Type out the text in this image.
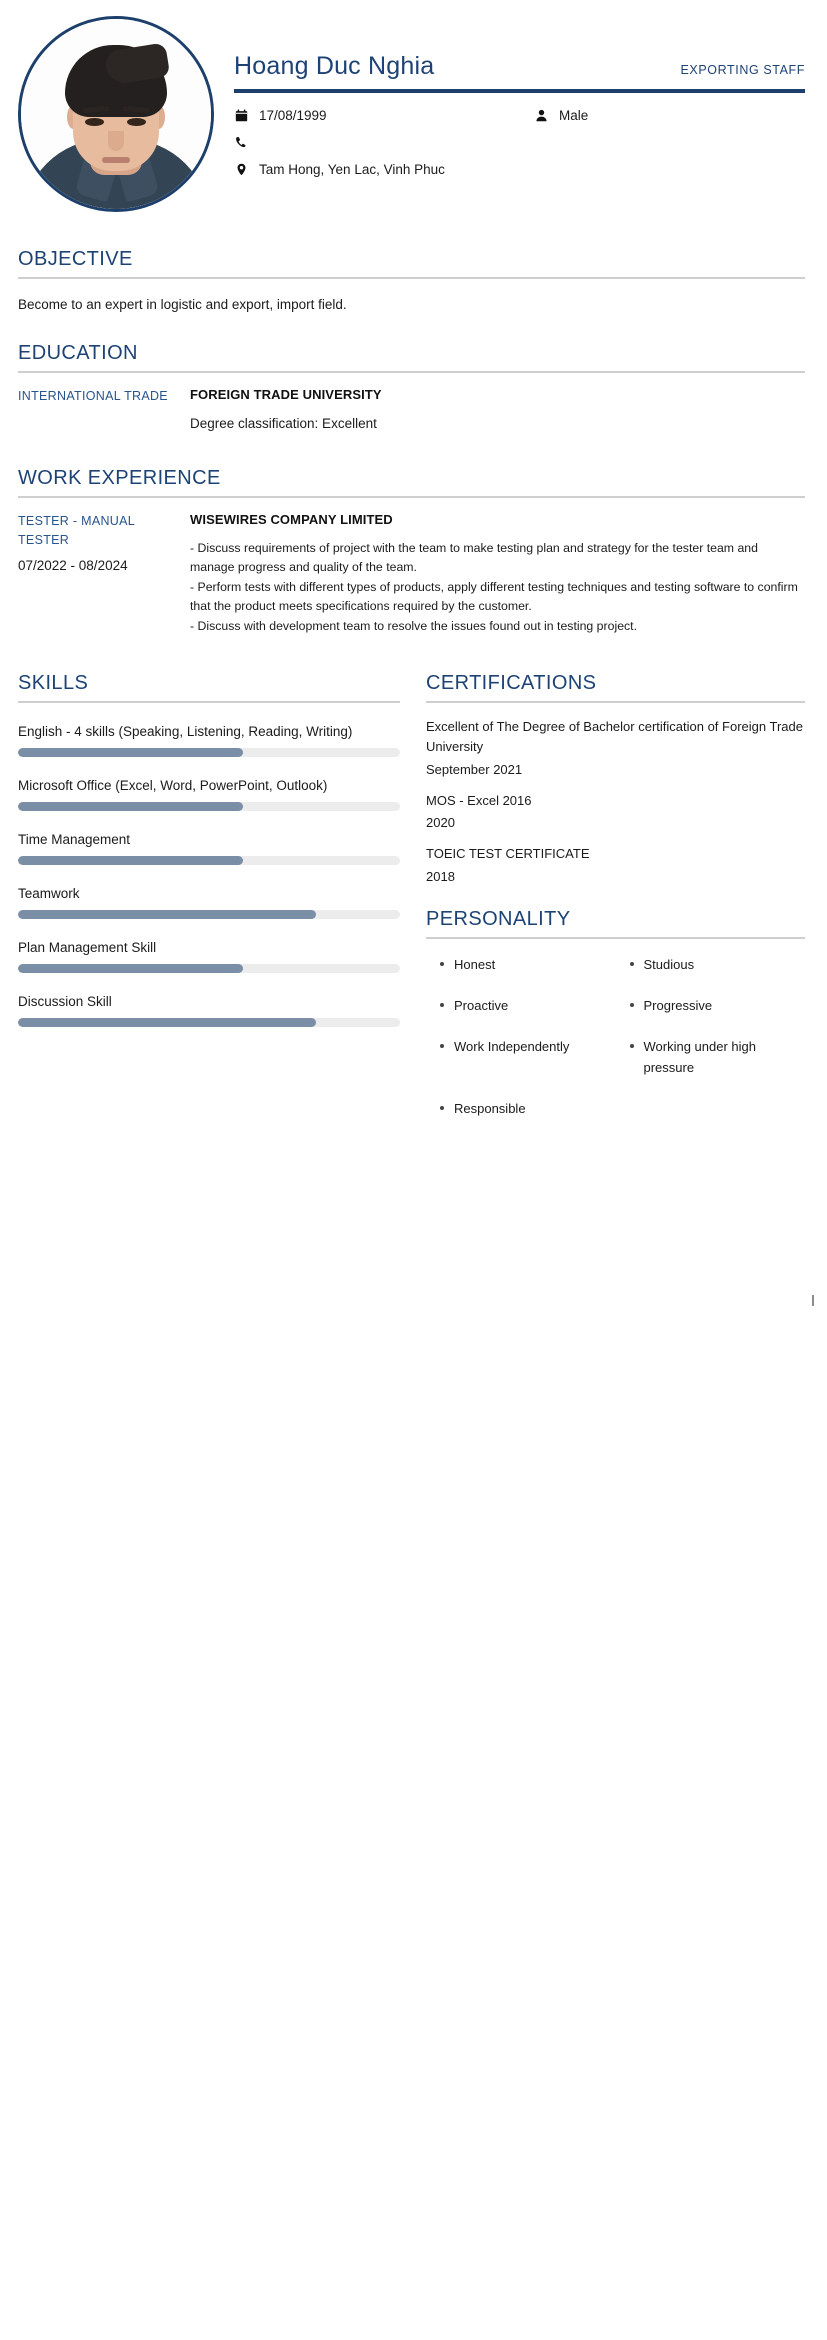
Hoang Duc Nghia	EXPORTING STAFF
17/08/1999	Male
Tam Hong, Yen Lac, Vinh Phuc
OBJECTIVE
Become to an expert in logistic and export, import field.
EDUCATION
INTERNATIONAL TRADE	FOREIGN TRADE UNIVERSITY
Degree classification: Excellent
WORK EXPERIENCE
TESTER - MANUAL TESTER
07/2022 - 08/2024
WISEWIRES COMPANY LIMITED
- Discuss requirements of project with the team to make testing plan and strategy for the tester team and manage progress and quality of the team.
- Perform tests with different types of products, apply different testing techniques and testing software to confirm that the product meets specifications required by the customer.
- Discuss with development team to resolve the issues found out in testing project.
SKILLS
English - 4 skills (Speaking, Listening, Reading, Writing)
Microsoft Office (Excel, Word, PowerPoint, Outlook)
Time Management
Teamwork
Plan Management Skill
Discussion Skill
CERTIFICATIONS
Excellent of The Degree of Bachelor certification of Foreign Trade University
September 2021
MOS - Excel 2016
2020
TOEIC TEST CERTIFICATE
2018
PERSONALITY
Honest	Studious
Proactive	Progressive
Work Independently	Working under high pressure
Responsible
